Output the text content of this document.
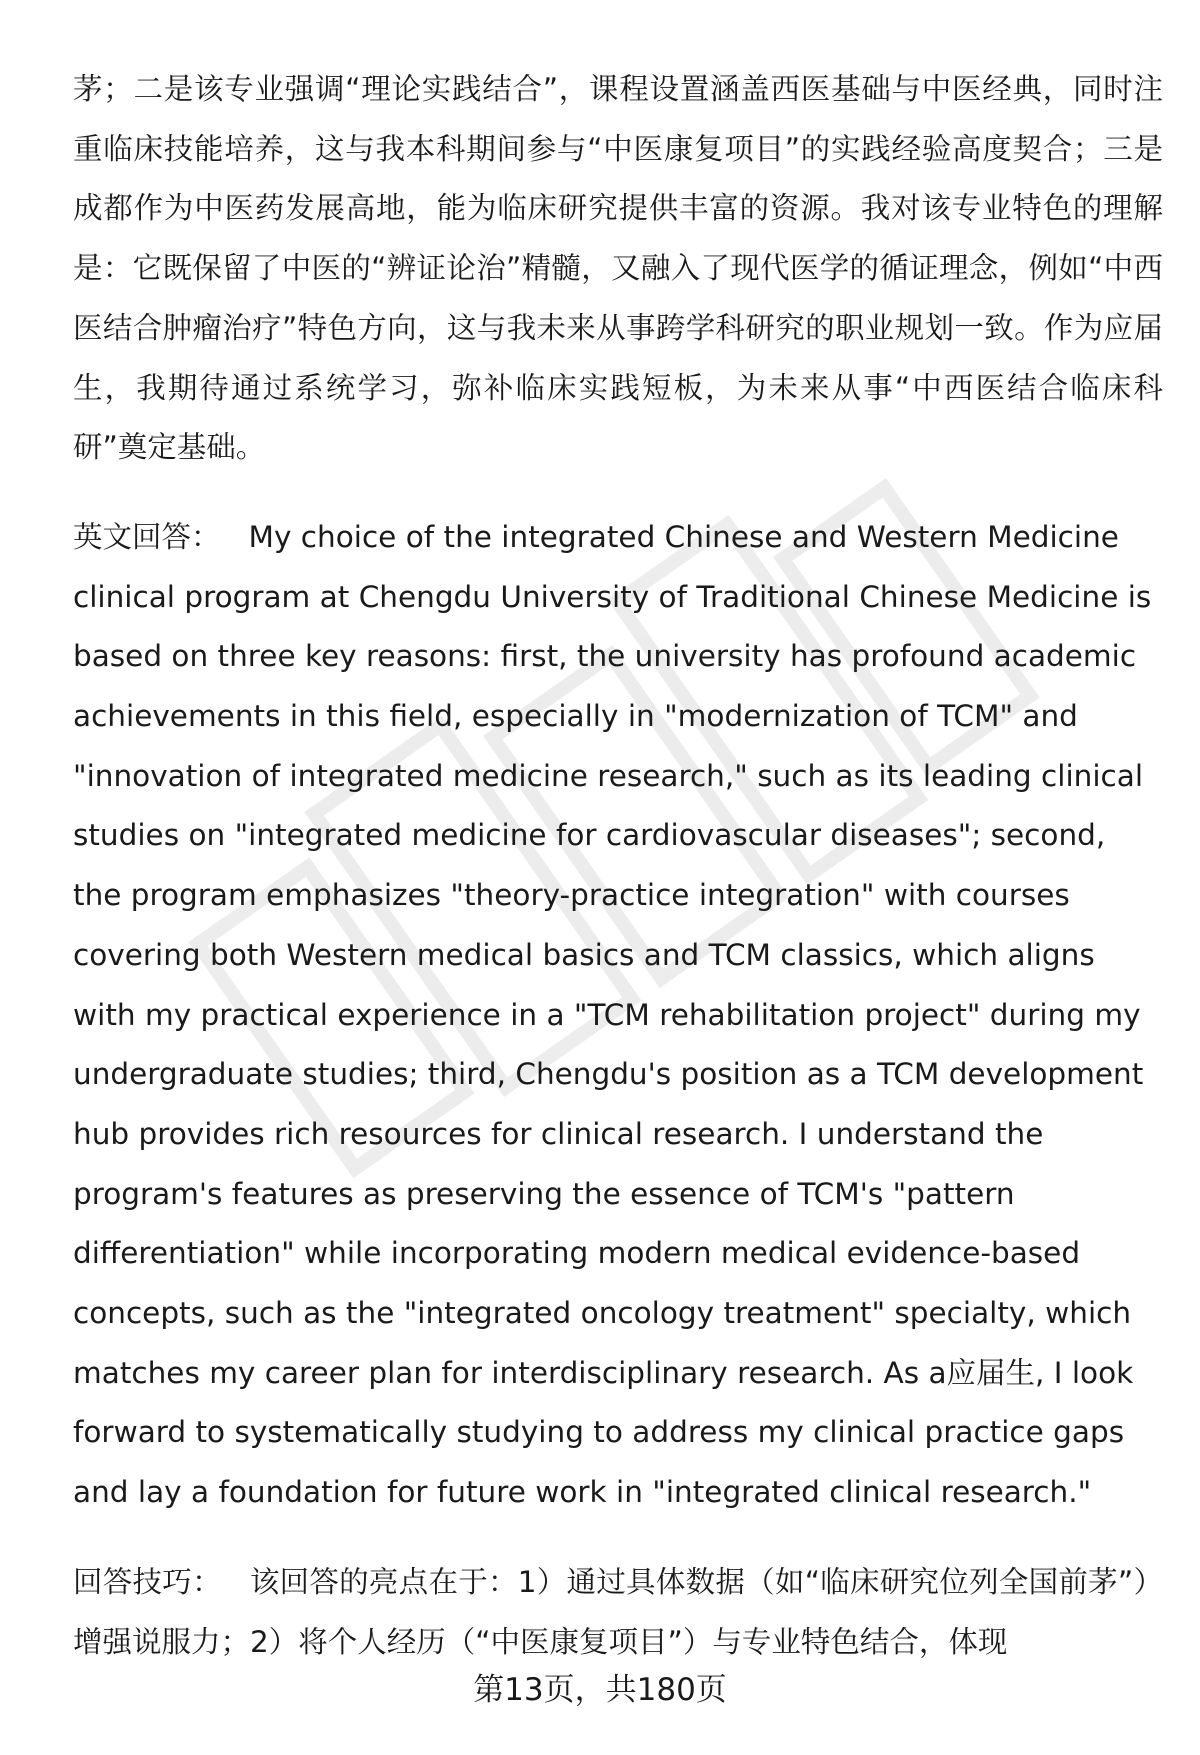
茅；二是该专业强调“理论实践结合”，课程设置涵盖西医基础与中医经典，同时注重临床技能培养，这与我本科期间参与“中医康复项目”的实践经验高度契合；三是成都作为中医药发展高地，能为临床研究提供丰富的资源。我对该专业特色的理解是：它既保留了中医的“辨证论治”精髓，又融入了现代医学的循证理念，例如“中西医结合肿瘤治疗”特色方向，这与我未来从事跨学科研究的职业规划一致。作为应届生，我期待通过系统学习，弥补临床实践短板，为未来从事“中西医结合临床科研”奠定基础。

英文回答： My choice of the integrated Chinese and Western Medicine clinical program at Chengdu University of Traditional Chinese Medicine is based on three key reasons: first, the university has profound academic achievements in this field, especially in "modernization of TCM" and "innovation of integrated medicine research," such as its leading clinical studies on "integrated medicine for cardiovascular diseases"; second, the program emphasizes "theory-practice integration" with courses covering both Western medical basics and TCM classics, which aligns with my practical experience in a "TCM rehabilitation project" during my undergraduate studies; third, Chengdu's position as a TCM development hub provides rich resources for clinical research. I understand the program's features as preserving the essence of TCM's "pattern differentiation" while incorporating modern medical evidence-based concepts, such as the "integrated oncology treatment" specialty, which matches my career plan for interdisciplinary research. As a应届生, I look forward to systematically studying to address my clinical practice gaps and lay a foundation for future work in "integrated clinical research."

回答技巧： 该回答的亮点在于：1）通过具体数据（如“临床研究位列全国前茅”）增强说服力；2）将个人经历（“中医康复项目”）与专业特色结合，体现

第13页，共180页
